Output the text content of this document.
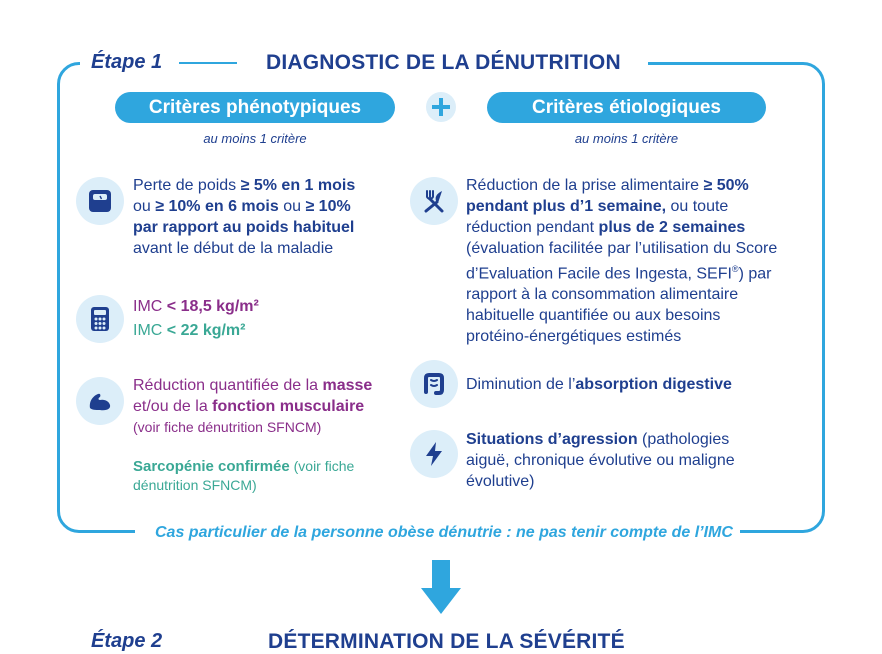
Étape 1	DIAGNOSTIC DE LA DÉNUTRITION
Critères phénotypiques	Critères étiologiques
au moins 1 critère	au moins 1 critère
Perte de poids ≥ 5% en 1 mois
ou ≥ 10% en 6 mois ou ≥ 10%
par rapport au poids habituel
avant le début de la maladie
IMC < 18,5 kg/m²
IMC < 22 kg/m²
Réduction quantifiée de la masse
et/ou de la fonction musculaire
(voir fiche dénutrition SFNCM)
Sarcopénie confirmée (voir fiche
dénutrition SFNCM)
Réduction de la prise alimentaire ≥ 50%
pendant plus d’1 semaine, ou toute
réduction pendant plus de 2 semaines
(évaluation facilitée par l’utilisation du Score
d’Evaluation Facile des Ingesta, SEFI®) par
rapport à la consommation alimentaire
habituelle quantifiée ou aux besoins
protéino-énergétiques estimés
Diminution de l’absorption digestive
Situations d’agression (pathologies
aiguë, chronique évolutive ou maligne
évolutive)
Cas particulier de la personne obèse dénutrie : ne pas tenir compte de l’IMC
Étape 2	DÉTERMINATION DE LA SÉVÉRITÉ
